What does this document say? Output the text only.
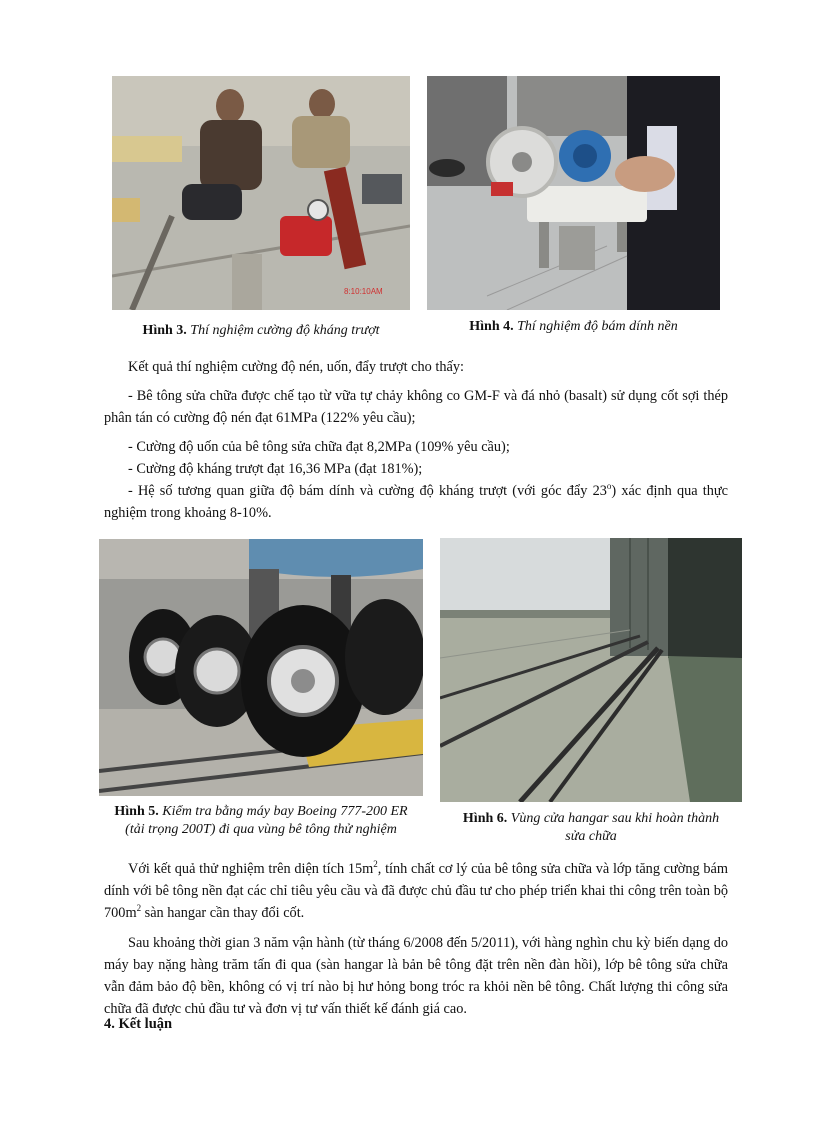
8:10:10AM
Hình 3. Thí nghiệm cường độ kháng trượt	Hình 4. Thí nghiệm độ bám dính nền
Kết quả thí nghiệm cường độ nén, uốn, đẩy trượt cho thấy:
- Bê tông sửa chữa được chế tạo từ vữa tự chảy không co GM-F và đá nhỏ (basalt) sử dụng cốt sợi thép phân tán có cường độ nén đạt 61MPa (122% yêu cầu);
- Cường độ uốn của bê tông sửa chữa đạt 8,2MPa (109% yêu cầu);
- Cường độ kháng trượt đạt 16,36 MPa (đạt 181%);
- Hệ số tương quan giữa độ bám dính và cường độ kháng trượt (với góc đẩy 23$^o$) xác định qua thực nghiệm trong khoảng 8-10%.
Hình 5. Kiểm tra bằng máy bay Boeing 777-200 ER
(tải trọng 200T) đi qua vùng bê tông thử nghiệm
Hình 6. Vùng cửa hangar sau khi hoàn thành
sửa chữa
Với kết quả thử nghiệm trên diện tích $15m^2$, tính chất cơ lý của bê tông sửa chữa và lớp tăng cường bám dính với bê tông nền đạt các chỉ tiêu yêu cầu và đã được chủ đầu tư cho phép triển khai thi công trên toàn bộ $700m^2$ sàn hangar cần thay đổi cốt.
Sau khoảng thời gian 3 năm vận hành (từ tháng 6/2008 đến 5/2011), với hàng nghìn chu kỳ biến dạng do máy bay nặng hàng trăm tấn đi qua (sàn hangar là bản bê tông đặt trên nền đàn hồi), lớp bê tông sửa chữa vẫn đảm bảo độ bền, không có vị trí nào bị hư hỏng bong tróc ra khỏi nền bê tông. Chất lượng thi công sửa chữa đã được chủ đầu tư và đơn vị tư vấn thiết kế đánh giá cao.
4. Kết luận
